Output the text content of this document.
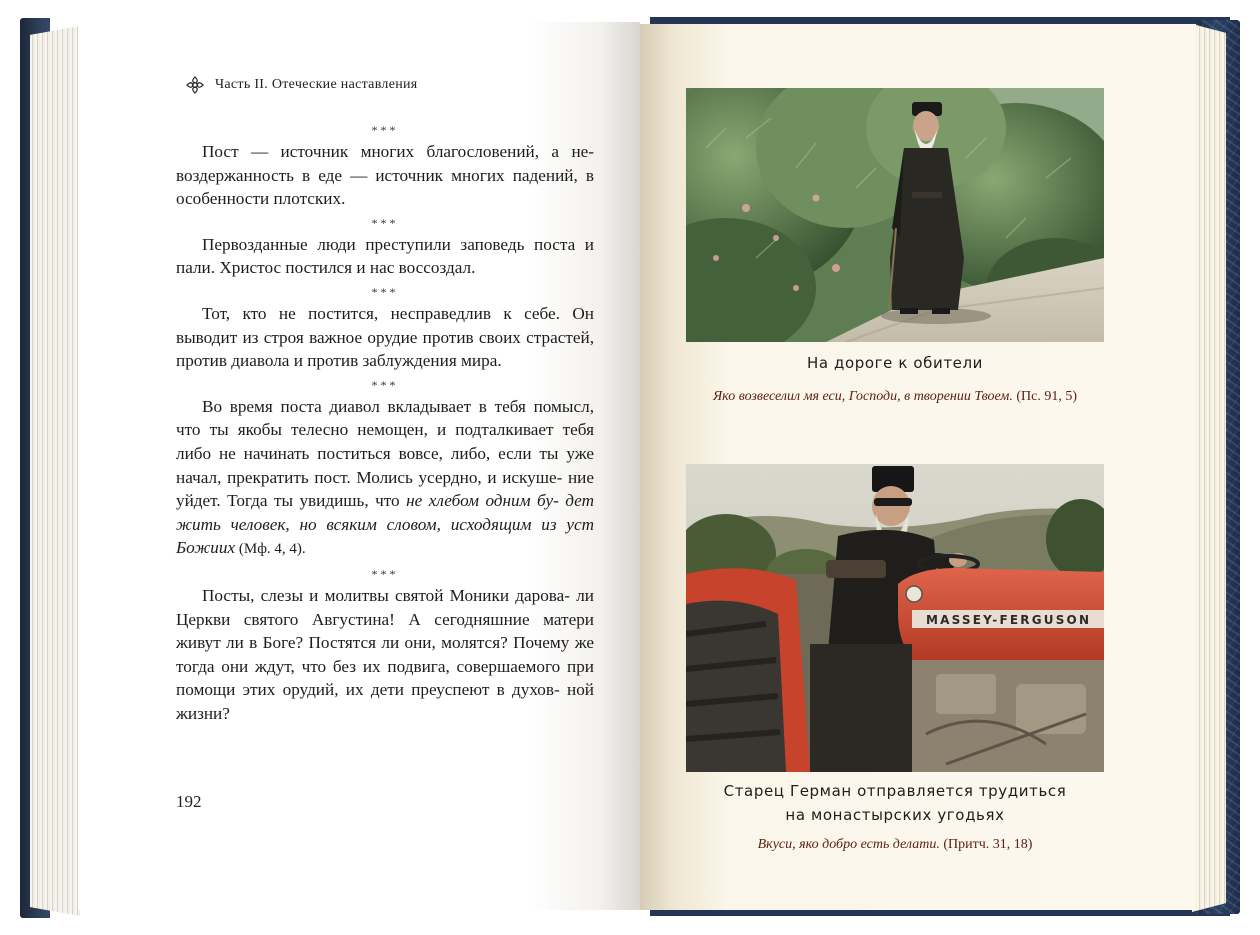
Часть II. Отеческие наставления
***

Пост — источник многих благословений, а не- воздержанность в еде — источник многих падений, в особенности плотских.

***

Первозданные люди преступили заповедь поста и пали. Христос постился и нас воссоздал.

***

Тот, кто не постится, несправедлив к себе. Он выводит из строя важное орудие против своих страстей, против диавола и против заблуждения мира.

***

Во время поста диавол вкладывает в тебя помысл, что ты якобы телесно немощен, и подталкивает тебя либо не начинать поститься вовсе, либо, если ты уже начал, прекратить пост. Молись усердно, и искуше- ние уйдет. Тогда ты увидишь, что не хлебом одним бу- дет жить человек, но всяким словом, исходящим из уст Божиих (Мф. 4, 4).

***

Посты, слезы и молитвы святой Моники дарова- ли Церкви святого Августина! А сегодняшние матери живут ли в Боге? Постятся ли они, молятся? Почему же тогда они ждут, что без их подвига, совершаемого при помощи этих орудий, их дети преуспеют в духов- ной жизни?

192
На дороге к обители
Яко возвеселил мя еси, Господи, в творении Твоем. (Пс. 91, 5)
MASSEY-FERGUSON
Старец Герман отправляется трудиться
на монастырских угодьях
Вкуси, яко добро есть делати. (Притч. 31, 18)
